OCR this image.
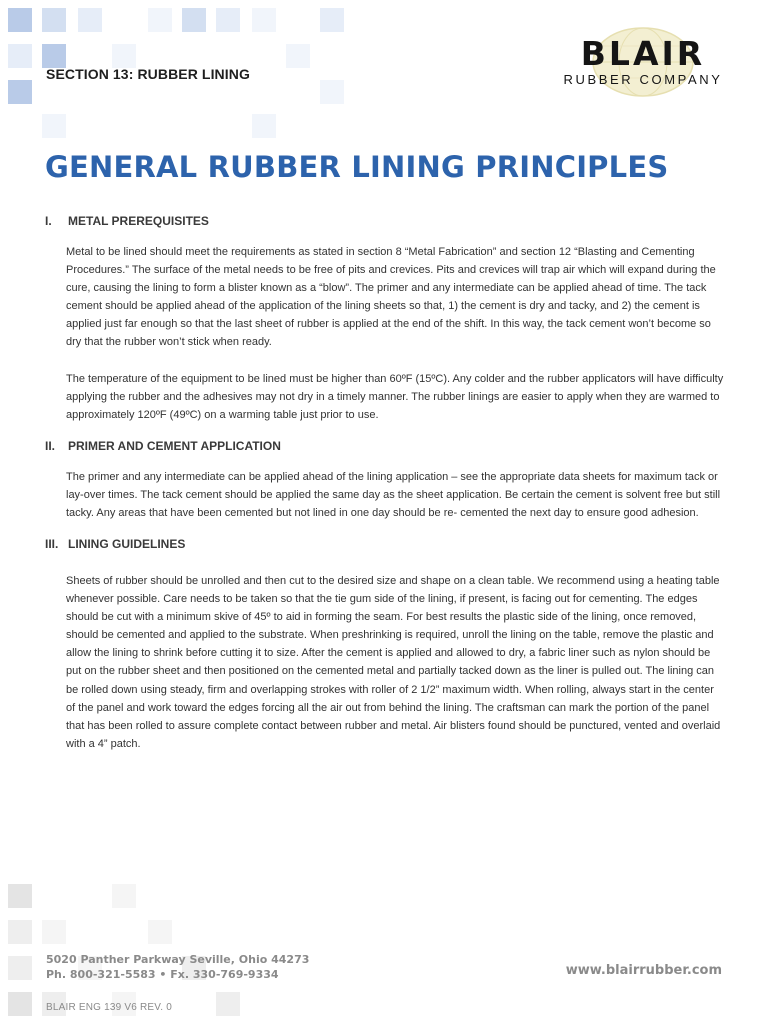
SECTION 13: RUBBER LINING
BLAIR
RUBBER COMPANY
GENERAL RUBBER LINING PRINCIPLES
I. METAL PREREQUISITES
Metal to be lined should meet the requirements as stated in section 8 “Metal Fabrication” and section 12 “Blasting and Cementing Procedures.” The surface of the metal needs to be free of pits and crevices. Pits and crevices will trap air which will expand during the cure, causing the lining to form a blister known as a “blow”. The primer and any intermediate can be applied ahead of time. The tack cement should be applied ahead of the application of the lining sheets so that, 1) the cement is dry and tacky, and 2) the cement is applied just far enough so that the last sheet of rubber is applied at the end of the shift. In this way, the tack cement won’t become so dry that the rubber won’t stick when ready.
The temperature of the equipment to be lined must be higher than 60ºF (15ºC). Any colder and the rubber applicators will have difficulty applying the rubber and the adhesives may not dry in a timely manner. The rubber linings are easier to apply when they are warmed to approximately 120ºF (49ºC) on a warming table just prior to use.
II. PRIMER AND CEMENT APPLICATION
The primer and any intermediate can be applied ahead of the lining application – see the appropriate data sheets for maximum tack or lay-over times. The tack cement should be applied the same day as the sheet application. Be certain the cement is solvent free but still tacky. Any areas that have been cemented but not lined in one day should be re- cemented the next day to ensure good adhesion.
III. LINING GUIDELINES
Sheets of rubber should be unrolled and then cut to the desired size and shape on a clean table. We recommend using a heating table whenever possible. Care needs to be taken so that the tie gum side of the lining, if present, is facing out for cementing. The edges should be cut with a minimum skive of 45º to aid in forming the seam. For best results the plastic side of the lining, once removed, should be cemented and applied to the substrate. When preshrinking is required, unroll the lining on the table, remove the plastic and allow the lining to shrink before cutting it to size. After the cement is applied and allowed to dry, a fabric liner such as nylon should be put on the rubber sheet and then positioned on the cemented metal and partially tacked down as the liner is pulled out. The lining can be rolled down using steady, firm and overlapping strokes with roller of 2 1/2” maximum width. When rolling, always start in the center of the panel and work toward the edges forcing all the air out from behind the lining. The craftsman can mark the portion of the panel that has been rolled to assure complete contact between rubber and metal. Air blisters found should be punctured, vented and overlaid with a 4” patch.
5020 Panther Parkway Seville, Ohio 44273
Ph. 800-321-5583 • Fx. 330-769-9334	www.blairrubber.com
BLAIR ENG 139 V6 REV. 0
